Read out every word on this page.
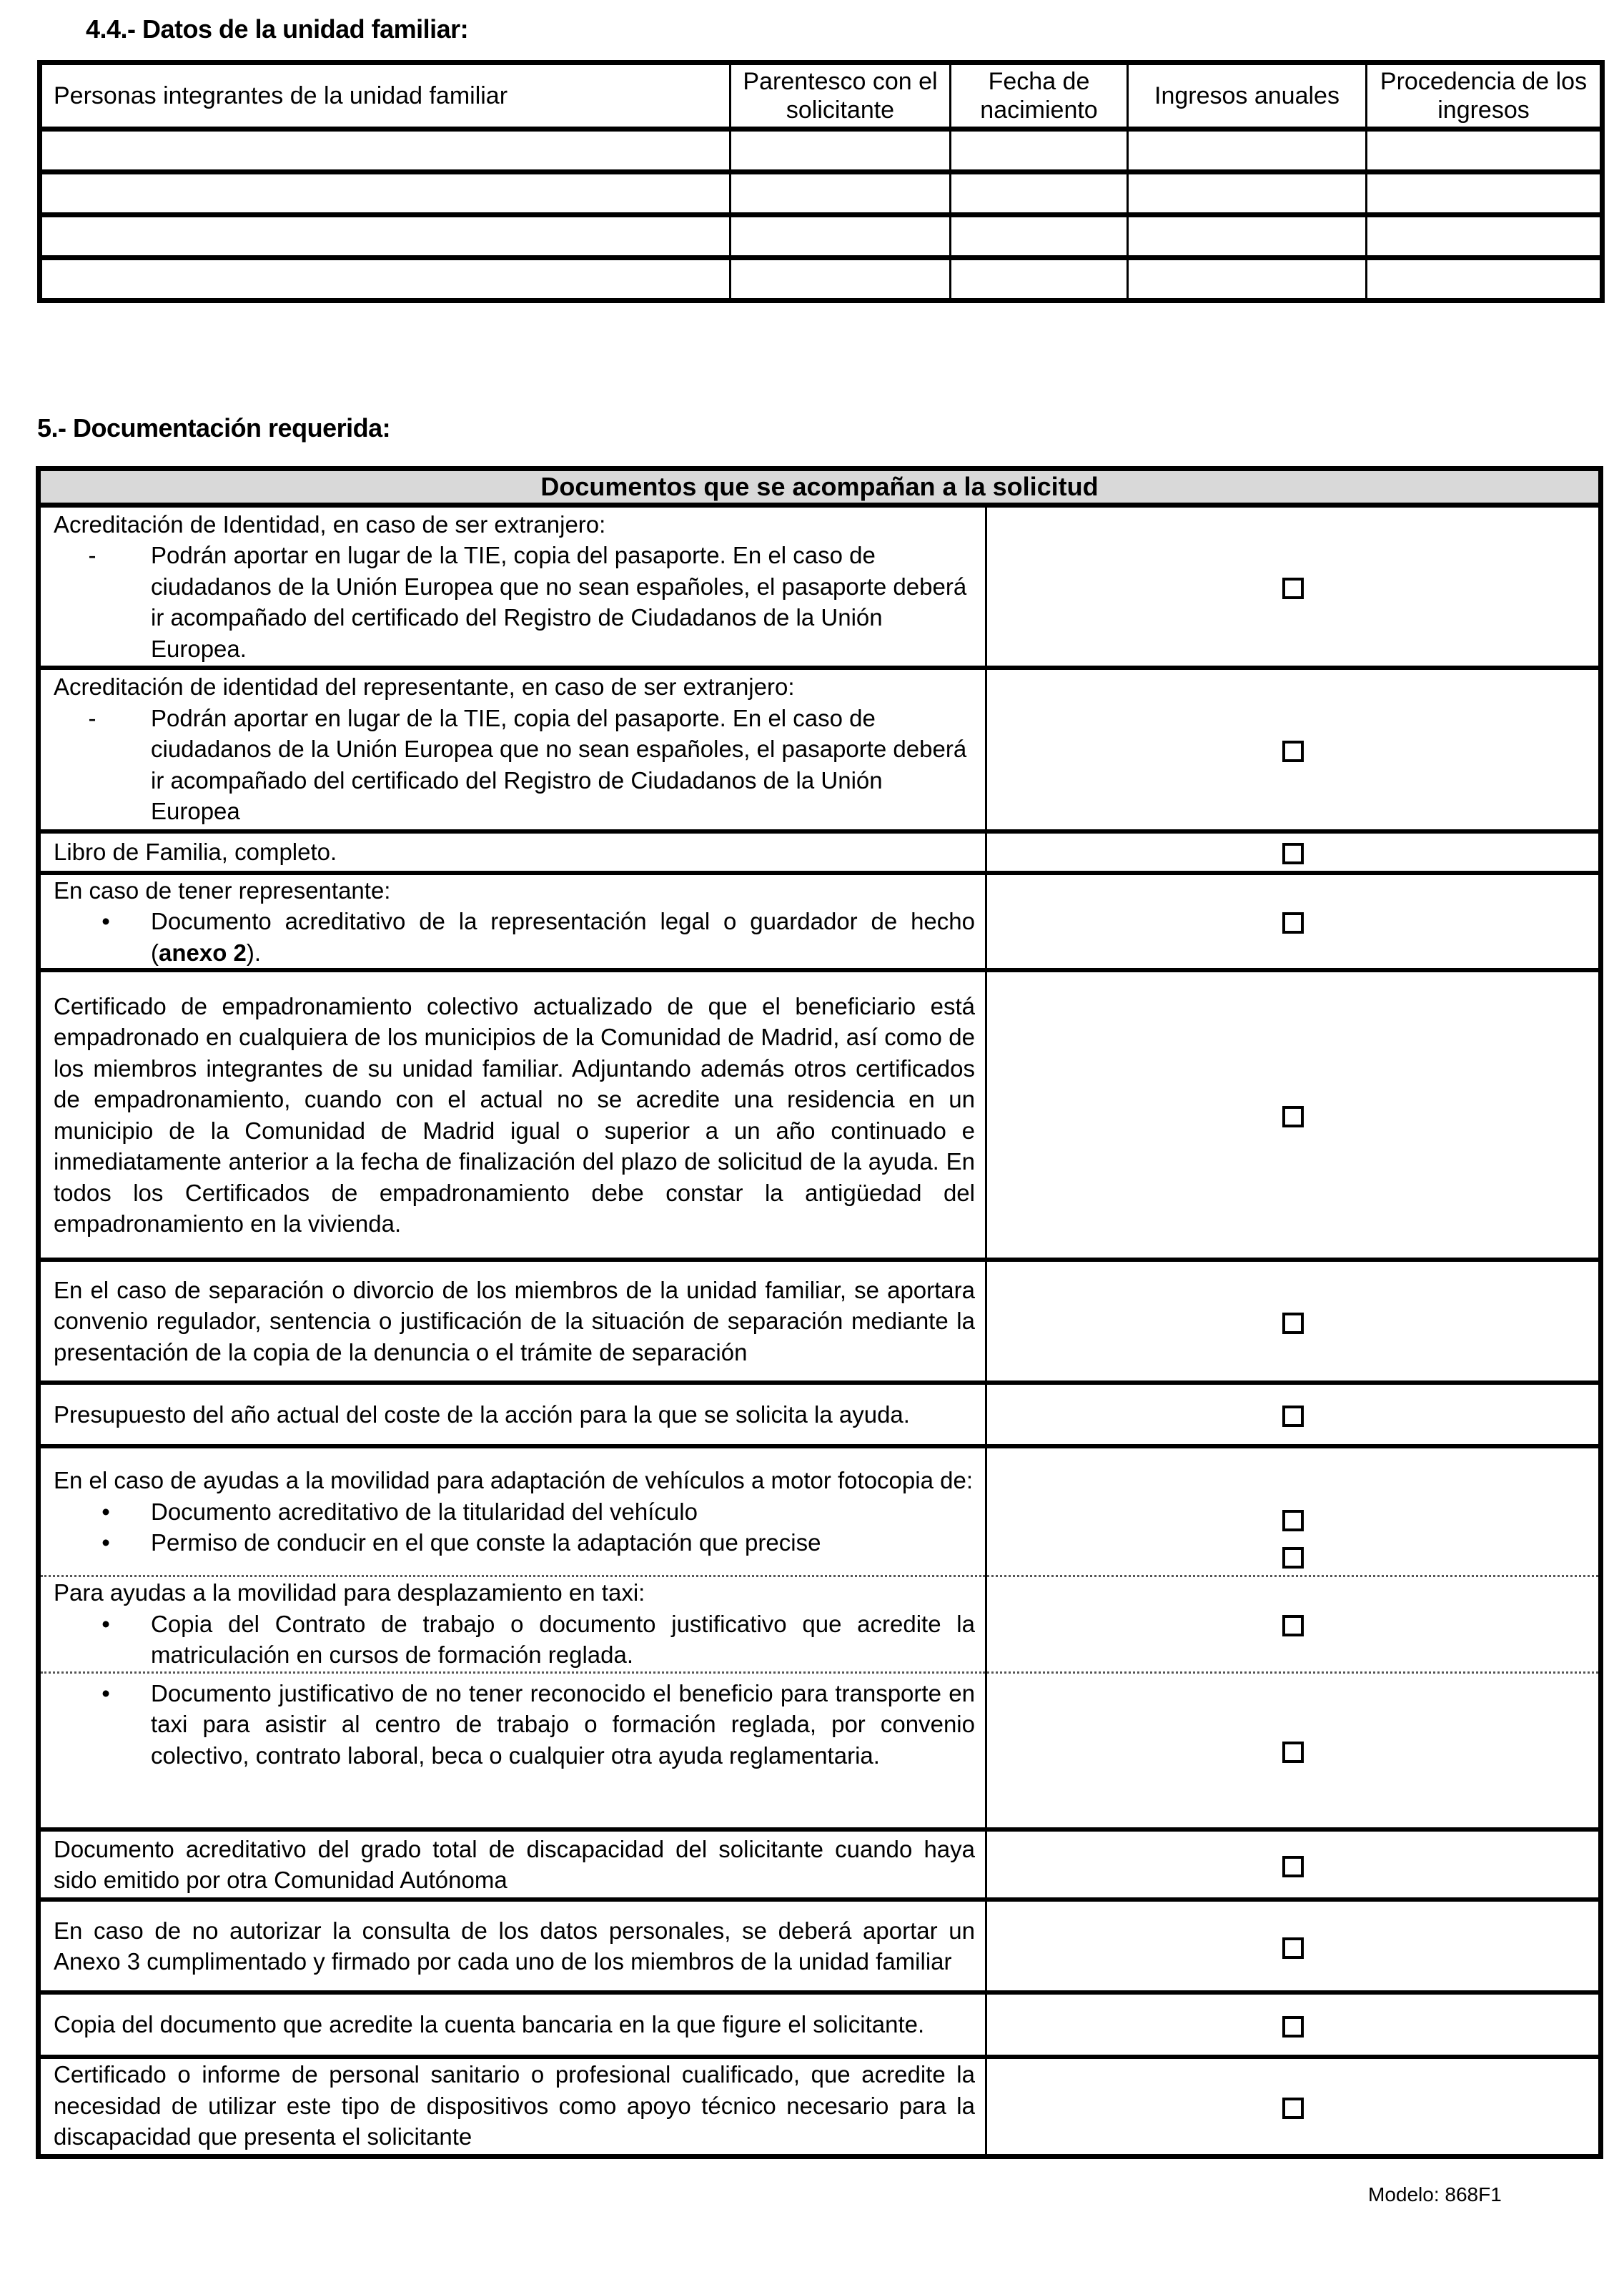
4.4.- Datos de la unidad familiar:
Personas integrantes de la unidad familiar	Parentesco con el solicitante	Fecha de nacimiento	Ingresos anuales	Procedencia de los ingresos

5.- Documentación requerida:
Documentos que se acompañan a la solicitud	

Acreditación de Identidad, en caso de ser extranjero:
- Podrán aportar en lugar de la TIE, copia del pasaporte. En el caso de ciudadanos de la Unión Europea que no sean españoles, el pasaporte deberá ir acompañado del certificado del Registro de Ciudadanos de la Unión Europea.	

Acreditación de identidad del representante, en caso de ser extranjero:
- Podrán aportar en lugar de la TIE, copia del pasaporte. En el caso de ciudadanos de la Unión Europea que no sean españoles, el pasaporte deberá ir acompañado del certificado del Registro de Ciudadanos de la Unión Europea	

Libro de Familia, completo.	

En caso de tener representante:
• Documento acreditativo de la representación legal o guardador de hecho (anexo 2).	

Certificado de empadronamiento colectivo actualizado de que el beneficiario está empadronado en cualquiera de los municipios de la Comunidad de Madrid, así como de los miembros integrantes de su unidad familiar. Adjuntando además otros certificados de empadronamiento, cuando con el actual no se acredite una residencia en un municipio de la Comunidad de Madrid igual o superior a un año continuado e inmediatamente anterior a la fecha de finalización del plazo de solicitud de la ayuda. En todos los Certificados de empadronamiento debe constar la antigüedad del empadronamiento en la vivienda.	
En el caso de separación o divorcio de los miembros de la unidad familiar, se aportara convenio regulador, sentencia o justificación de la situación de separación mediante la presentación de la copia de la denuncia o el trámite de separación	
Presupuesto del año actual del coste de la acción para la que se solicita la ayuda.	

En el caso de ayudas a la movilidad para adaptación de vehículos a motor fotocopia de:
• Documento acreditativo de la titularidad del vehículo
• Permiso de conducir en el que conste la adaptación que precise	

Para ayudas a la movilidad para desplazamiento en taxi:
• Copia del Contrato de trabajo o documento justificativo que acredite la matriculación en cursos de formación reglada.	

• Documento justificativo de no tener reconocido el beneficio para transporte en taxi para asistir al centro de trabajo o formación reglada, por convenio colectivo, contrato laboral, beca o cualquier otra ayuda reglamentaria.	

Documento acreditativo del grado total de discapacidad del solicitante cuando haya sido emitido por otra Comunidad Autónoma	
En caso de no autorizar la consulta de los datos personales, se deberá aportar un Anexo 3 cumplimentado y firmado por cada uno de los miembros de la unidad familiar	
Copia del documento que acredite la cuenta bancaria en la que figure el solicitante.	
Certificado o informe de personal sanitario o profesional cualificado, que acredite la necesidad de utilizar este tipo de dispositivos como apoyo técnico necesario para la discapacidad que presenta el solicitante	
Modelo: 868F1
